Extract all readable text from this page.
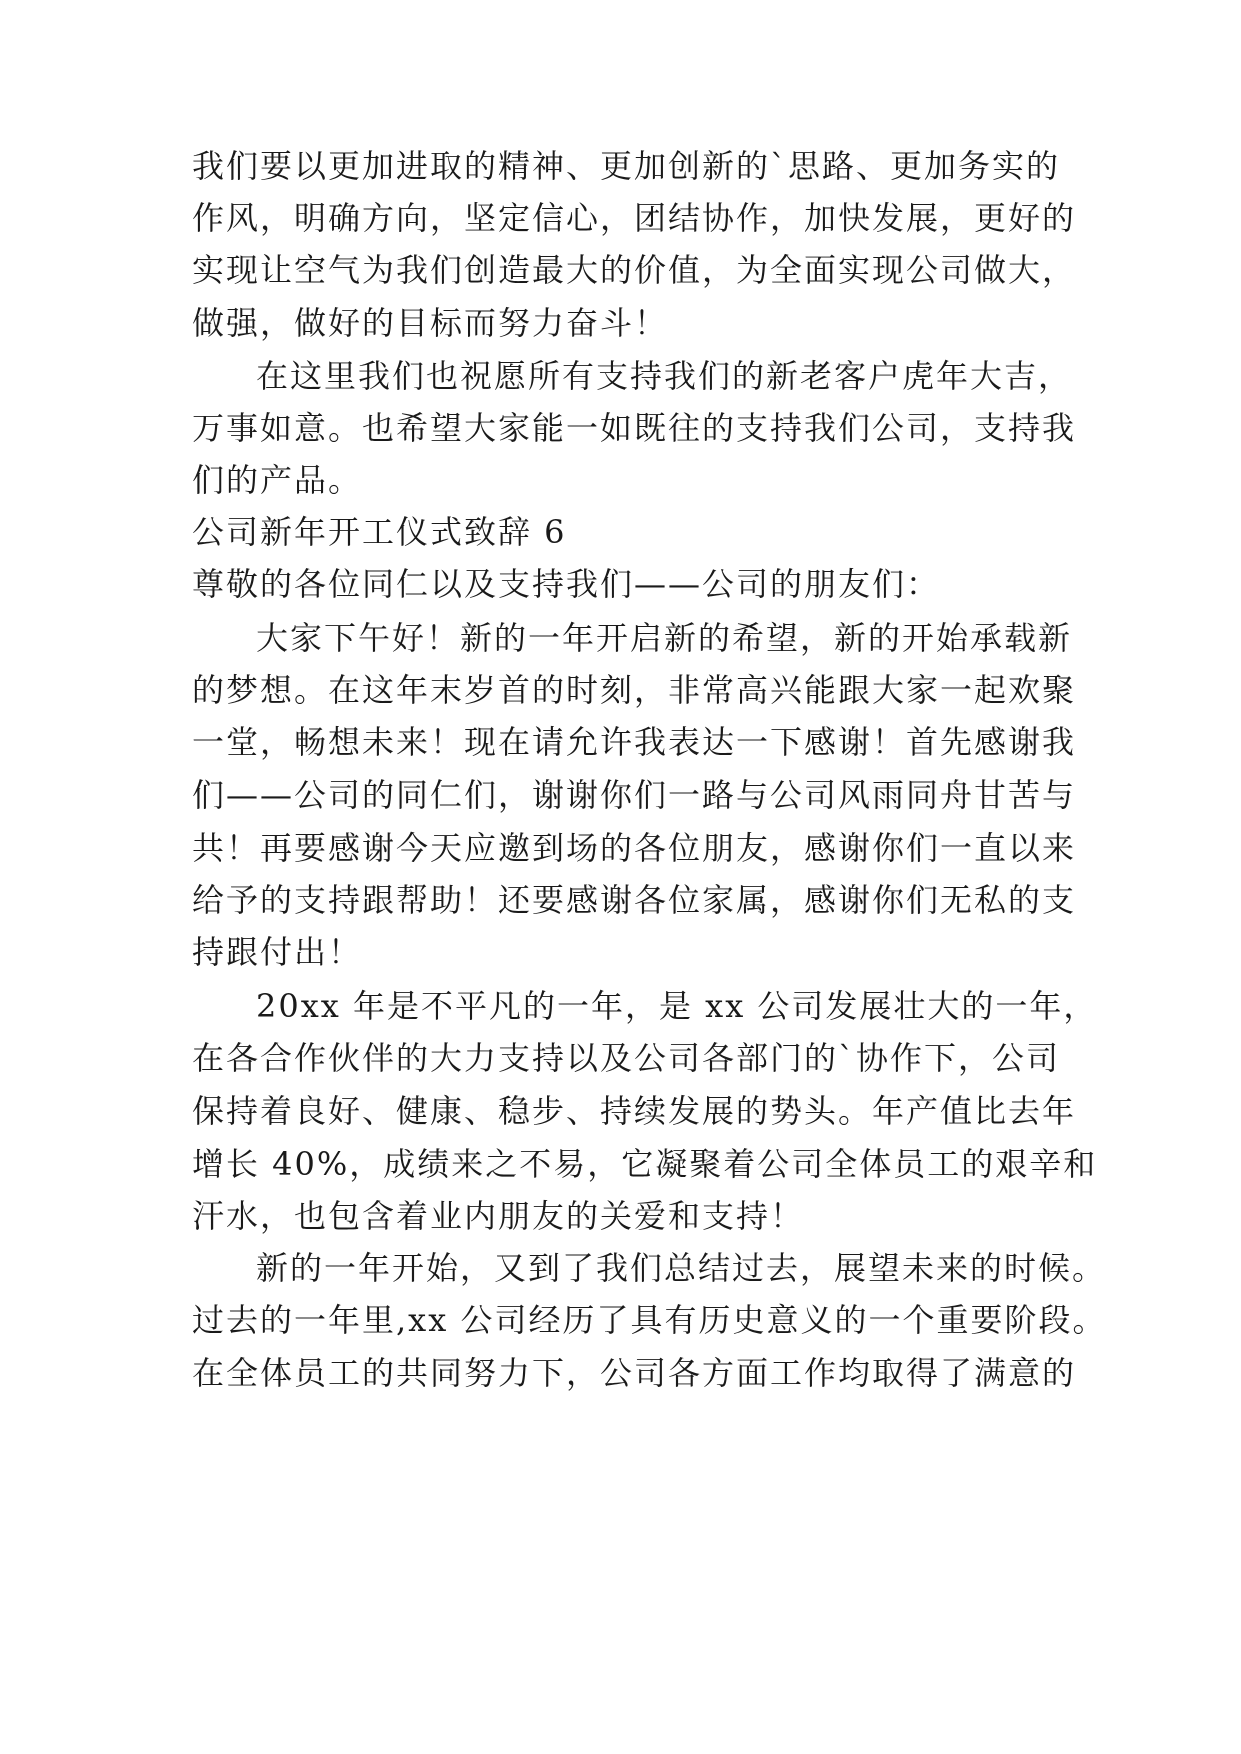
我们要以更加进取的精神、更加创新的`思路、更加务实的
作风，明确方向，坚定信心，团结协作，加快发展，更好的
实现让空气为我们创造最大的价值，为全面实现公司做大，
做强，做好的目标而努力奋斗！
在这里我们也祝愿所有支持我们的新老客户虎年大吉，
万事如意。也希望大家能一如既往的支持我们公司，支持我
们的产品。
公司新年开工仪式致辞 6
尊敬的各位同仁以及支持我们——公司的朋友们：
大家下午好！新的一年开启新的希望，新的开始承载新
的梦想。在这年末岁首的时刻，非常高兴能跟大家一起欢聚
一堂，畅想未来！现在请允许我表达一下感谢！首先感谢我
们——公司的同仁们，谢谢你们一路与公司风雨同舟甘苦与
共！再要感谢今天应邀到场的各位朋友，感谢你们一直以来
给予的支持跟帮助！还要感谢各位家属，感谢你们无私的支
持跟付出！
20xx 年是不平凡的一年，是 xx 公司发展壮大的一年，
在各合作伙伴的大力支持以及公司各部门的`协作下，公司
保持着良好、健康、稳步、持续发展的势头。年产值比去年
增长 40%，成绩来之不易，它凝聚着公司全体员工的艰辛和
汗水，也包含着业内朋友的关爱和支持！
新的一年开始，又到了我们总结过去，展望未来的时候。
过去的一年里,xx 公司经历了具有历史意义的一个重要阶段。
在全体员工的共同努力下，公司各方面工作均取得了满意的
